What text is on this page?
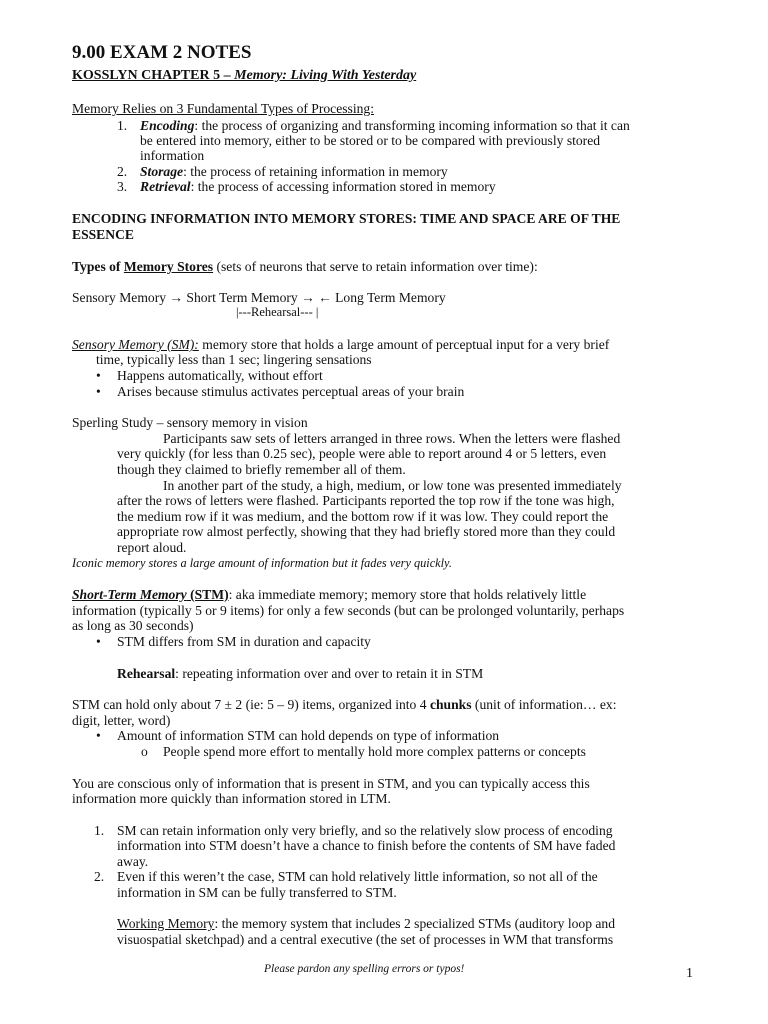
9.00 EXAM 2 NOTES
KOSSLYN CHAPTER 5 – Memory: Living With Yesterday
Memory Relies on 3 Fundamental Types of Processing:
1. Encoding: the process of organizing and transforming incoming information so that it can
be entered into memory, either to be stored or to be compared with previously stored
information
2. Storage: the process of retaining information in memory
3. Retrieval: the process of accessing information stored in memory
ENCODING INFORMATION INTO MEMORY STORES: TIME AND SPACE ARE OF THE
ESSENCE
Types of Memory Stores (sets of neurons that serve to retain information over time):
Sensory Memory → Short Term Memory → ← Long Term Memory
|---Rehearsal--- |
Sensory Memory (SM): memory store that holds a large amount of perceptual input for a very brief
time, typically less than 1 sec; lingering sensations
• Happens automatically, without effort
• Arises because stimulus activates perceptual areas of your brain
Sperling Study – sensory memory in vision
Participants saw sets of letters arranged in three rows. When the letters were flashed
very quickly (for less than 0.25 sec), people were able to report around 4 or 5 letters, even
though they claimed to briefly remember all of them.
In another part of the study, a high, medium, or low tone was presented immediately
after the rows of letters were flashed. Participants reported the top row if the tone was high,
the medium row if it was medium, and the bottom row if it was low. They could report the
appropriate row almost perfectly, showing that they had briefly stored more than they could
report aloud.
Iconic memory stores a large amount of information but it fades very quickly.
Short-Term Memory (STM): aka immediate memory; memory store that holds relatively little
information (typically 5 or 9 items) for only a few seconds (but can be prolonged voluntarily, perhaps
as long as 30 seconds)
• STM differs from SM in duration and capacity
Rehearsal: repeating information over and over to retain it in STM
STM can hold only about 7 ± 2 (ie: 5 – 9) items, organized into 4 chunks (unit of information… ex:
digit, letter, word)
• Amount of information STM can hold depends on type of information
o People spend more effort to mentally hold more complex patterns or concepts
You are conscious only of information that is present in STM, and you can typically access this
information more quickly than information stored in LTM.
1. SM can retain information only very briefly, and so the relatively slow process of encoding
information into STM doesn’t have a chance to finish before the contents of SM have faded
away.
2. Even if this weren’t the case, STM can hold relatively little information, so not all of the
information in SM can be fully transferred to STM.
Working Memory: the memory system that includes 2 specialized STMs (auditory loop and
visuospatial sketchpad) and a central executive (the set of processes in WM that transforms
Please pardon any spelling errors or typos!	1
